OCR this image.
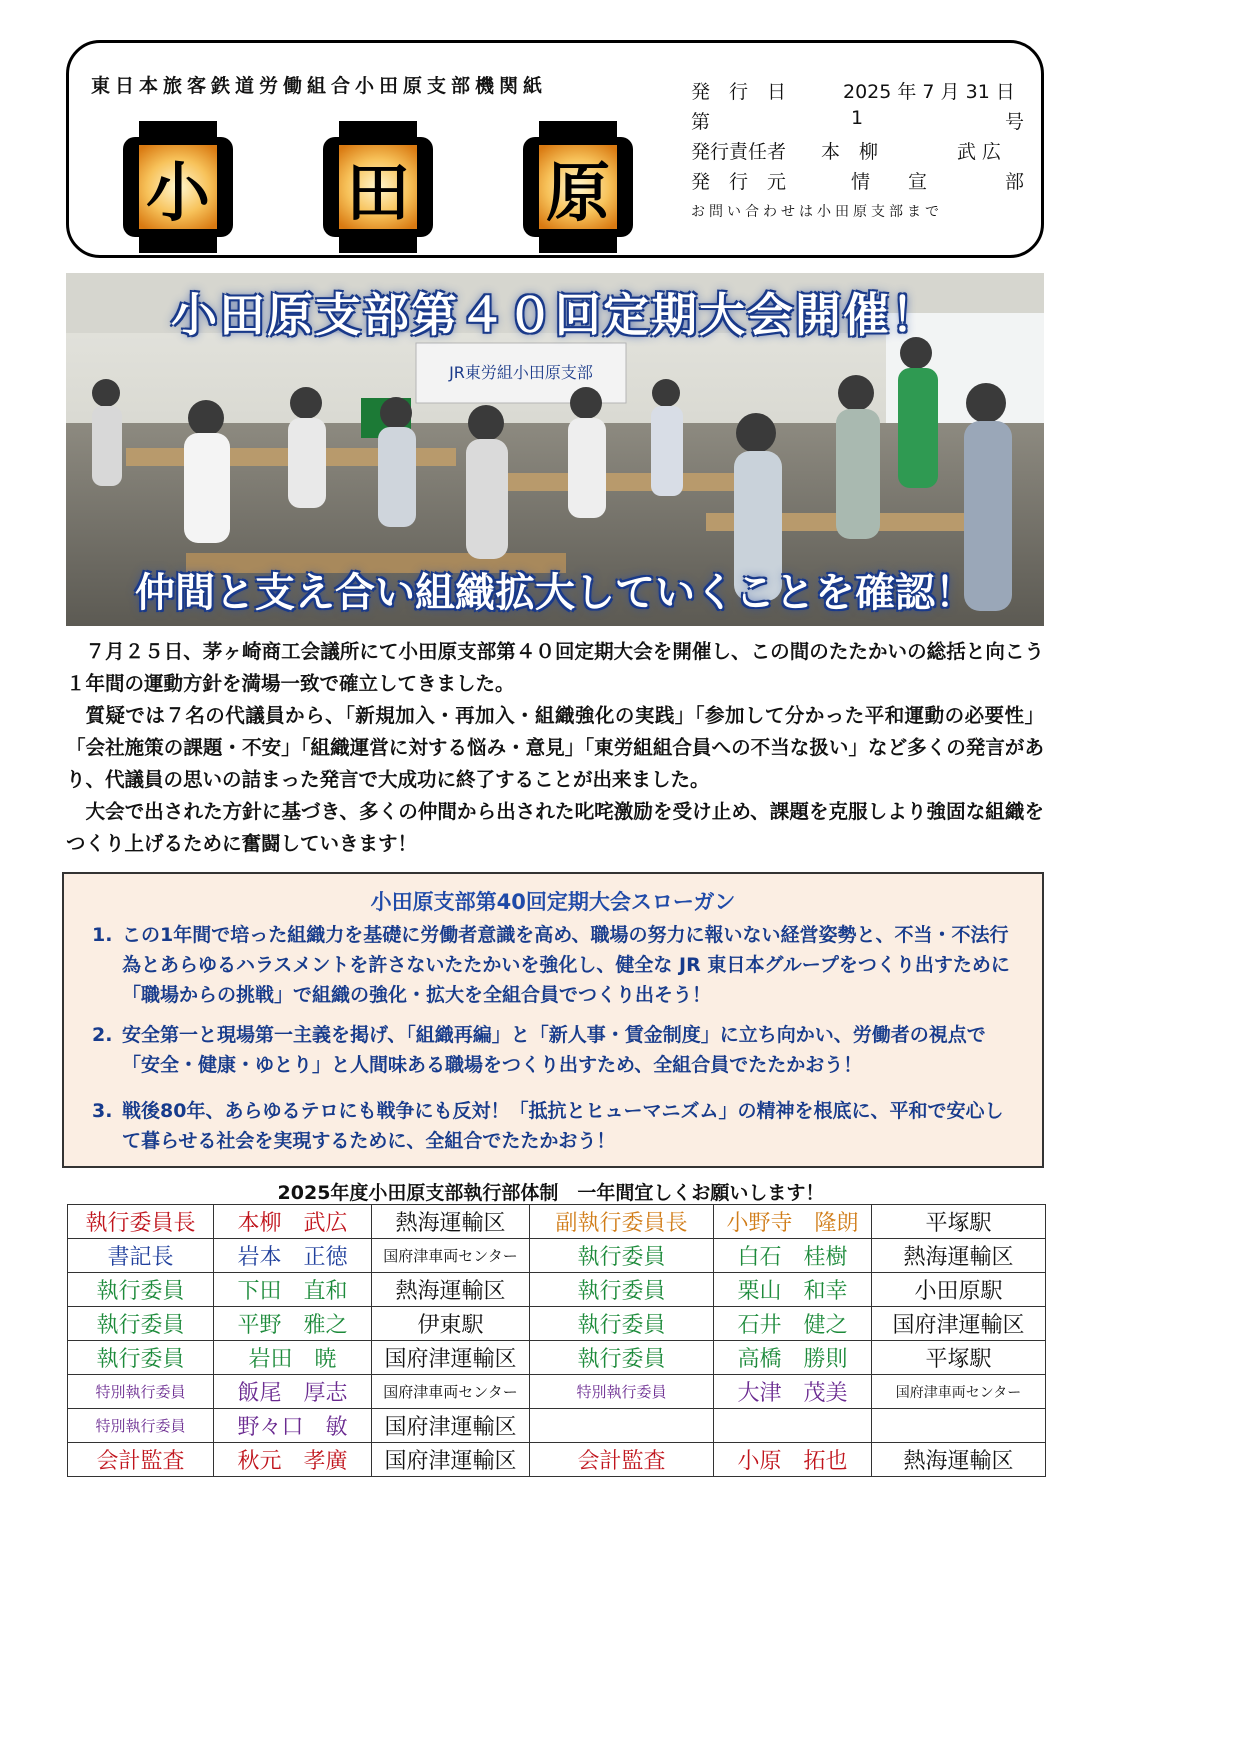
東日本旅客鉄道労働組合小田原支部機関紙
小 田 原
発　行　日	2025 年 7 月 31 日
第	1	号
発行責任者 本　柳	武 広
発　行　元	情　　宣	部
お問い合わせは小田原支部まで
JR東労組小田原支部
小田原支部第４０回定期大会開催！
仲間と支え合い組織拡大していくことを確認！

７月２５日、茅ヶ崎商工会議所にて小田原支部第４０回定期大会を開催し、この間のたたかいの総括と向こう１年間の運動方針を満場一致で確立してきました。

質疑では７名の代議員から、「新規加入・再加入・組織強化の実践」「参加して分かった平和運動の必要性」「会社施策の課題・不安」「組織運営に対する悩み・意見」「東労組組合員への不当な扱い」など多くの発言があり、代議員の思いの詰まった発言で大成功に終了することが出来ました。

大会で出された方針に基づき、多くの仲間から出された叱咤激励を受け止め、課題を克服しより強固な組織をつくり上げるために奮闘していきます！

小田原支部第40回定期大会スローガン
1. この1年間で培った組織力を基礎に労働者意識を高め、職場の努力に報いない経営姿勢と、不当・不法行為とあらゆるハラスメントを許さないたたかいを強化し、健全な JR 東日本グループをつくり出すために「職場からの挑戦」で組織の強化・拡大を全組合員でつくり出そう！
2. 安全第一と現場第一主義を掲げ、「組織再編」と「新人事・賃金制度」に立ち向かい、労働者の視点で「安全・健康・ゆとり」と人間味ある職場をつくり出すため、全組合員でたたかおう！
3. 戦後80年、あらゆるテロにも戦争にも反対！「抵抗とヒューマニズム」の精神を根底に、平和で安心して暮らせる社会を実現するために、全組合でたたかおう！
2025年度小田原支部執行部体制　一年間宜しくお願いします！
執行委員長	本柳　武広	熱海運輸区	副執行委員長	小野寺　隆朗	平塚駅
書記長	岩本　正徳	国府津車両センター	執行委員	白石　桂樹	熱海運輸区
執行委員	下田　直和	熱海運輸区	執行委員	栗山　和幸	小田原駅
執行委員	平野　雅之	伊東駅	執行委員	石井　健之	国府津運輸区
執行委員	岩田　暁	国府津運輸区	執行委員	高橋　勝則	平塚駅
特別執行委員	飯尾　厚志	国府津車両センター	特別執行委員	大津　茂美	国府津車両センター
特別執行委員	野々口　敏	国府津運輸区			
会計監査	秋元　孝廣	国府津運輸区	会計監査	小原　拓也	熱海運輸区
